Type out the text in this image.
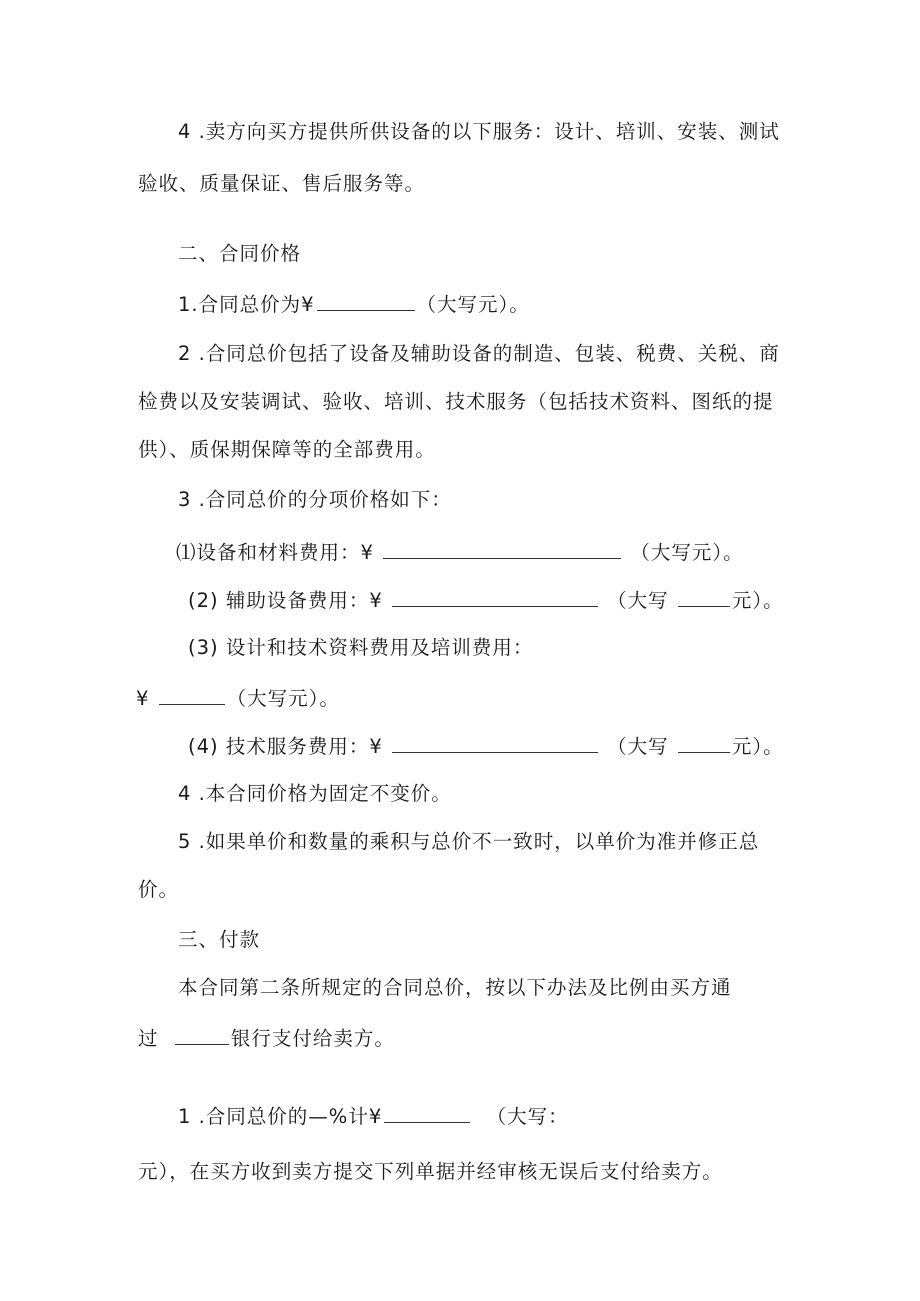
4 .卖方向买方提供所供设备的以下服务：设计、培训、安装、测试
验收、质量保证、售后服务等。
二、合同价格
1.合同总价为¥	（大写元）。
2 .合同总价包括了设备及辅助设备的制造、包装、税费、关税、商
检费以及安装调试、验收、培训、技术服务（包括技术资料、图纸的提
供）、质保期保障等的全部费用。
3 .合同总价的分项价格如下：
⑴设备和材料费用：¥	（大写元）。
(2) 辅助设备费用：¥	（大写	元）。
(3) 设计和技术资料费用及培训费用：
¥	（大写元）。
(4) 技术服务费用：¥	（大写	元）。
4 .本合同价格为固定不变价。
5 .如果单价和数量的乘积与总价不一致时，以单价为准并修正总
价。
三、付款
本合同第二条所规定的合同总价，按以下办法及比例由买方通
过	银行支付给卖方。
1 .合同总价的—%计¥	（大写：
元），在买方收到卖方提交下列单据并经审核无误后支付给卖方。
